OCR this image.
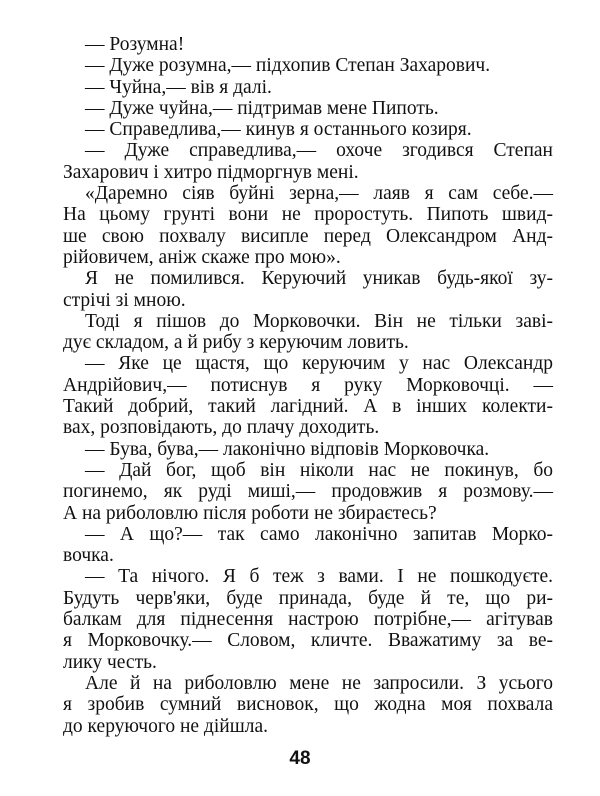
— Розумна!
— Дуже розумна,— підхопив Степан Захарович.
— Чуйна,— вів я далі.
— Дуже чуйна,— підтримав мене Пипоть.
— Справедлива,— кинув я останнього козиря.
— Дуже справедлива,— охоче згодився Степан
Захарович і хитро підморгнув мені.
«Даремно сіяв буйні зерна,— лаяв я сам себе.—
На цьому грунті вони не проростуть. Пипоть швид-
ше свою похвалу висипле перед Олександром Анд-
рійовичем, аніж скаже про мою».
Я не помилився. Керуючий уникав будь-якої зу-
стрічі зі мною.
Тоді я пішов до Морковочки. Він не тільки заві-
дує складом, а й рибу з керуючим ловить.
— Яке це щастя, що керуючим у нас Олександр
Андрійович,— потиснув я руку Морковочці. —
Такий добрий, такий лагідний. А в інших колекти-
вах, розповідають, до плачу доходить.
— Бува, бува,— лаконічно відповів Морковочка.
— Дай бог, щоб він ніколи нас не покинув, бо
погинемо, як руді миші,— продовжив я розмову.—
А на риболовлю після роботи не збираєтесь?
— А що?— так само лаконічно запитав Морко-
вочка.
— Та нічого. Я б теж з вами. І не пошкодуєте.
Будуть черв'яки, буде принада, буде й те, що ри-
балкам для піднесення настрою потрібне,— агітував
я Морковочку.— Словом, кличте. Вважатиму за ве-
лику честь.
Але й на риболовлю мене не запросили. З усього
я зробив сумний висновок, що жодна моя похвала
до керуючого не дійшла.
48
